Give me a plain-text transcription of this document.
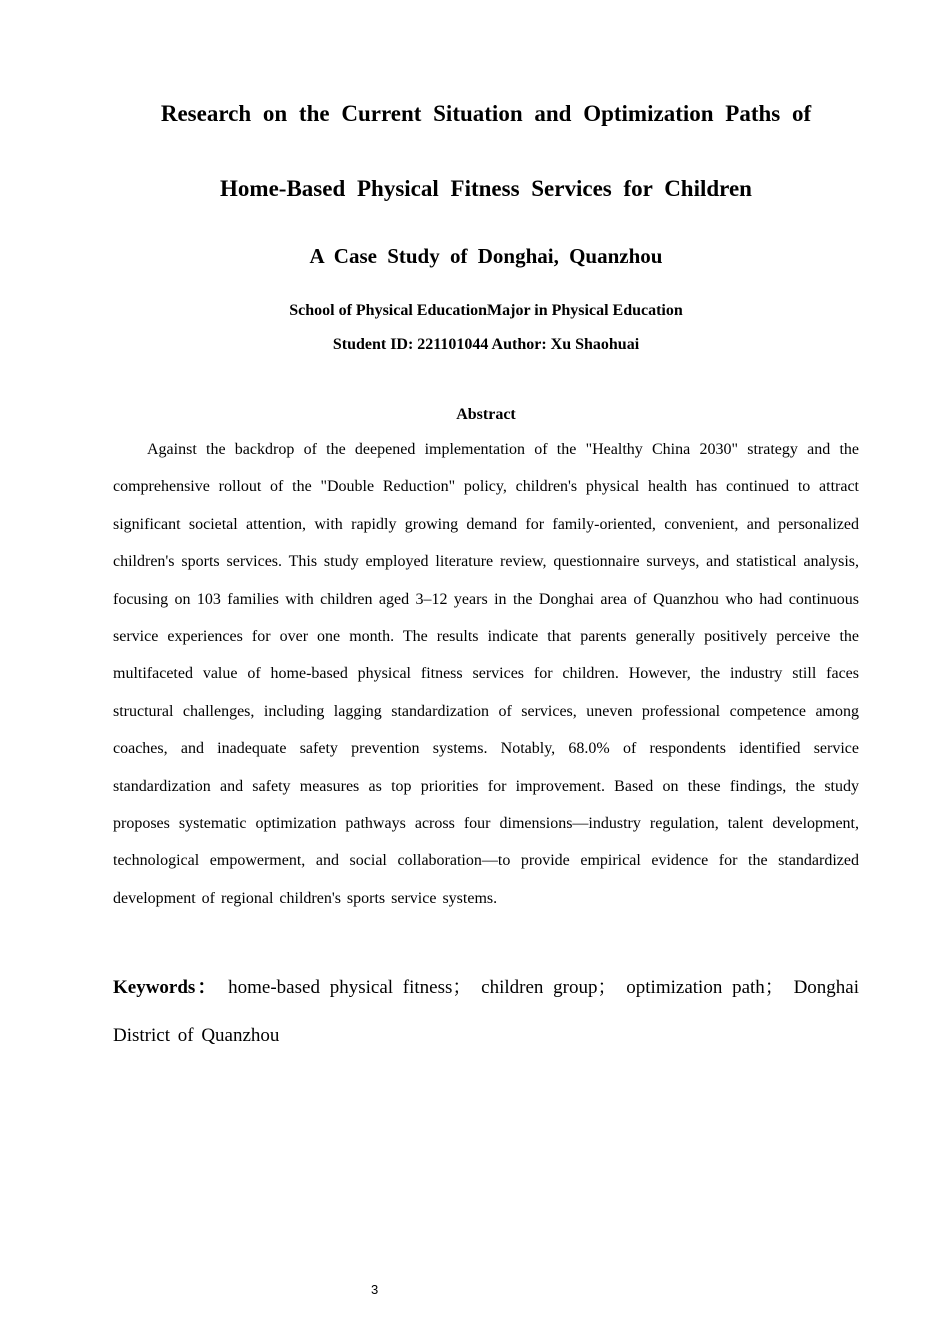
Research on the Current Situation and Optimization Paths of
Home-Based Physical Fitness Services for Children
A Case Study of Donghai, Quanzhou

School of Physical EducationMajor in Physical Education

Student ID: 221101044 Author: Xu Shaohuai

Abstract

Against the backdrop of the deepened implementation of the "Healthy China 2030" strategy and the comprehensive rollout of the "Double Reduction" policy, children's physical health has continued to attract significant societal attention, with rapidly growing demand for family-oriented, convenient, and personalized children's sports services. This study employed literature review, questionnaire surveys, and statistical analysis, focusing on 103 families with children aged 3–12 years in the Donghai area of Quanzhou who had continuous service experiences for over one month. The results indicate that parents generally positively perceive the multifaceted value of home-based physical fitness services for children. However, the industry still faces structural challenges, including lagging standardization of services, uneven professional competence among coaches, and inadequate safety prevention systems. Notably, 68.0% of respondents identified service standardization and safety measures as top priorities for improvement. Based on these findings, the study proposes systematic optimization pathways across four dimensions—industry regulation, talent development, technological empowerment, and social collaboration—to provide empirical evidence for the standardized development of regional children's sports service systems.

Keywords： home-based physical fitness； children group； optimization path； Donghai District of Quanzhou

3
